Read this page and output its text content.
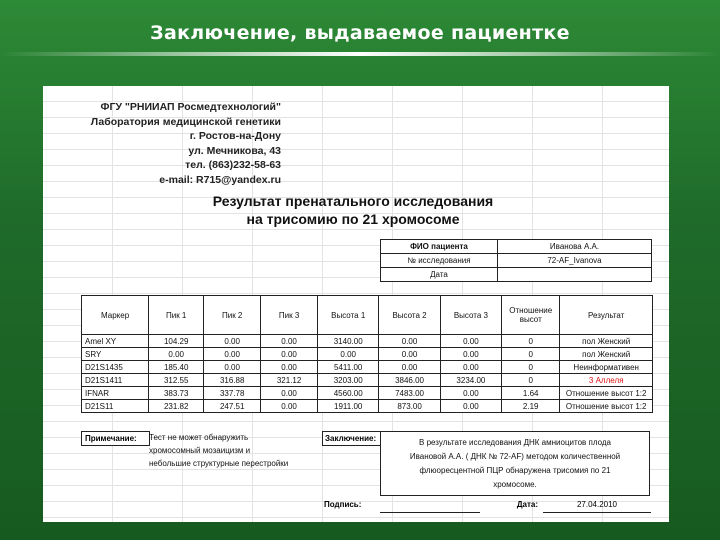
Заключение, выдаваемое пациентке
ФГУ "РНИИАП Росмедтехнологий"
Лаборатория медицинской генетики
г. Ростов-на-Дону
ул. Мечникова, 43
тел. (863)232-58-63
e-mail: R715@yandex.ru
Результат пренатального исследования
на трисомию по 21 хромосоме
ФИО пациента	Иванова А.А.
№ исследования	72-AF_Ivanova
Дата	
Маркер	Пик 1	Пик 2	Пик 3	Высота 1	Высота 2	Высота 3	Отношение высот	Результат
Amel XY	104.29	0.00	0.00	3140.00	0.00	0.00	0	пол Женский
SRY	0.00	0.00	0.00	0.00	0.00	0.00	0	пол Женский
D21S1435	185.40	0.00	0.00	5411.00	0.00	0.00	0	Неинформативен
D21S1411	312.55	316.88	321.12	3203.00	3846.00	3234.00	0	3 Аллеля
IFNAR	383.73	337.78	0.00	4560.00	7483.00	0.00	1.64	Отношение высот 1:2
D21S11	231.82	247.51	0.00	1911.00	873.00	0.00	2.19	Отношение высот 1:2
Примечание:	Тест не может обнаружить
хромосомный мозаицизм и
небольшие структурные перестройки
Заключение:	В результате исследования ДНК амниоцитов плода
Ивановой А.А. ( ДНК № 72-AF) методом количественной
флюоресцентной ПЦР обнаружена трисомия по 21
хромосоме.
Подпись:	Дата:	27.04.2010
